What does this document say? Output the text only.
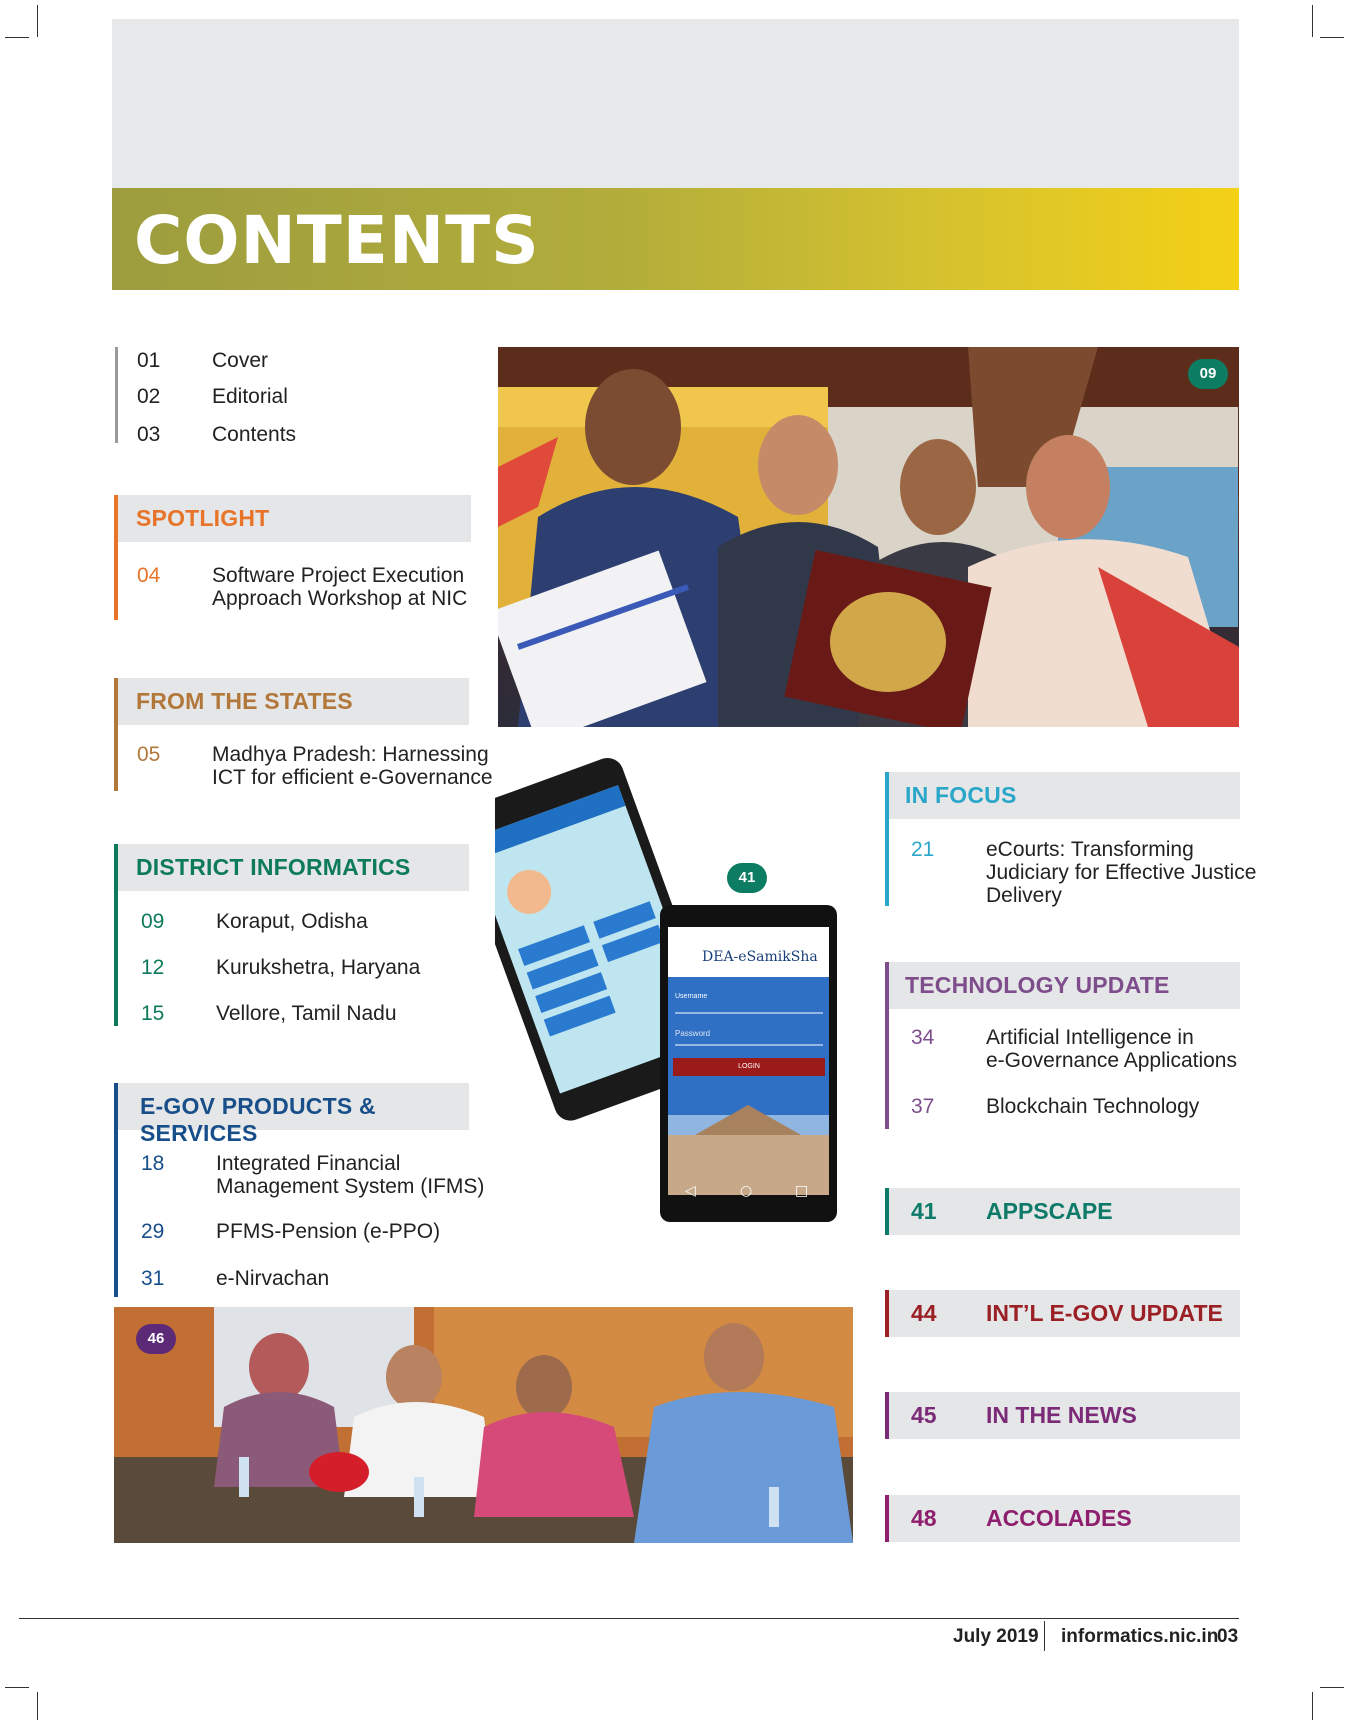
CONTENTS
01 Cover
02 Editorial
03 Contents
SPOTLIGHT
04 Software Project Execution
Approach Workshop at NIC
FROM THE STATES
05 Madhya Pradesh: Harnessing
ICT for efficient e-Governance
DISTRICT INFORMATICS
09 Koraput, Odisha
12 Kurukshetra, Haryana
15 Vellore, Tamil Nadu
E-GOV PRODUCTS & SERVICES
18 Integrated Financial
Management System (IFMS)
29 PFMS-Pension (e-PPO)
31 e-Nirvachan
09
◁	○	□
DEA-eSamikSha
Username
Password
LOGIN
41
46
IN FOCUS
21 eCourts: Transforming
Judiciary for Effective Justice
Delivery
TECHNOLOGY UPDATE
34 Artificial Intelligence in
e-Governance Applications
37 Blockchain Technology
41 APPSCAPE
44 INT’L E-GOV UPDATE
45 IN THE NEWS
48 ACCOLADES
July 2019 informatics.nic.in
03
